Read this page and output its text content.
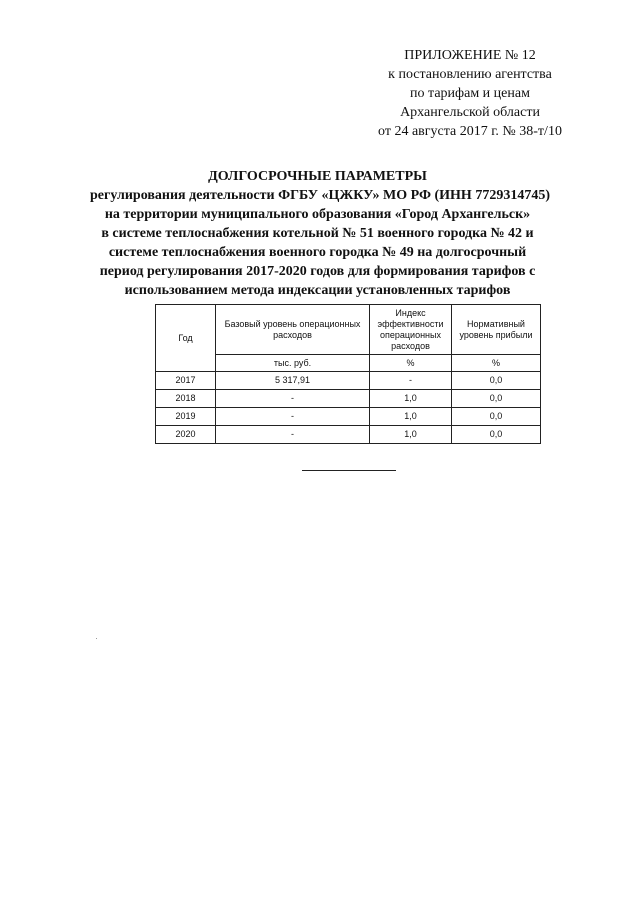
ПРИЛОЖЕНИЕ № 12
к постановлению агентства
по тарифам и ценам
Архангельской области
от 24 августа 2017 г. № 38-т/10
ДОЛГОСРОЧНЫЕ ПАРАМЕТРЫ
регулирования деятельности ФГБУ «ЦЖКУ» МО РФ (ИНН 7729314745)
на территории муниципального образования «Город Архангельск»
в системе теплоснабжения котельной № 51 военного городка № 42 и
системе теплоснабжения военного городка № 49 на долгосрочный
период регулирования 2017-2020 годов для формирования тарифов с
использованием метода индексации установленных тарифов
Год	Базовый уровень операционных расходов	Индекс эффективности операционных расходов	Нормативный уровень прибыли
	тыс. руб.	%	%
2017	5 317,91	-	0,0
2018	-	1,0	0,0
2019	-	1,0	0,0
2020	-	1,0	0,0
